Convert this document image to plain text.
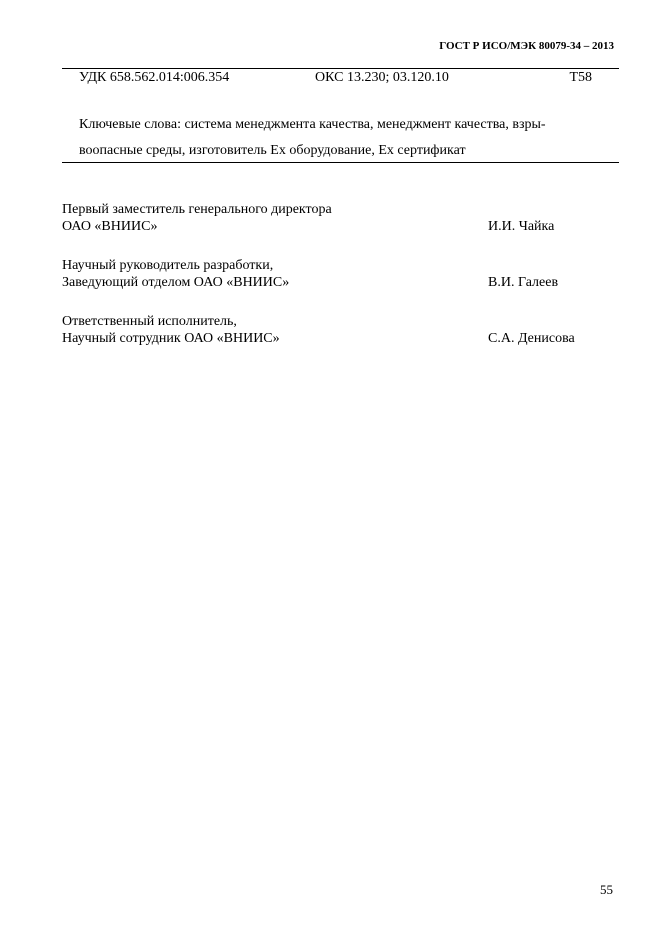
ГОСТ Р ИСО/МЭК 80079-34 – 2013
УДК 658.562.014:006.354	ОКС 13.230; 03.120.10	Т58
Ключевые слова: система менеджмента качества, менеджмент качества, взры-
воопасные среды, изготовитель Ex оборудование, Ex сертификат
Первый заместитель генерального директора
ОАО «ВНИИС»	И.И. Чайка
Научный руководитель разработки,
Заведующий отделом ОАО «ВНИИС»	В.И. Галеев
Ответственный исполнитель,
Научный сотрудник ОАО «ВНИИС»	С.А. Денисова
55
